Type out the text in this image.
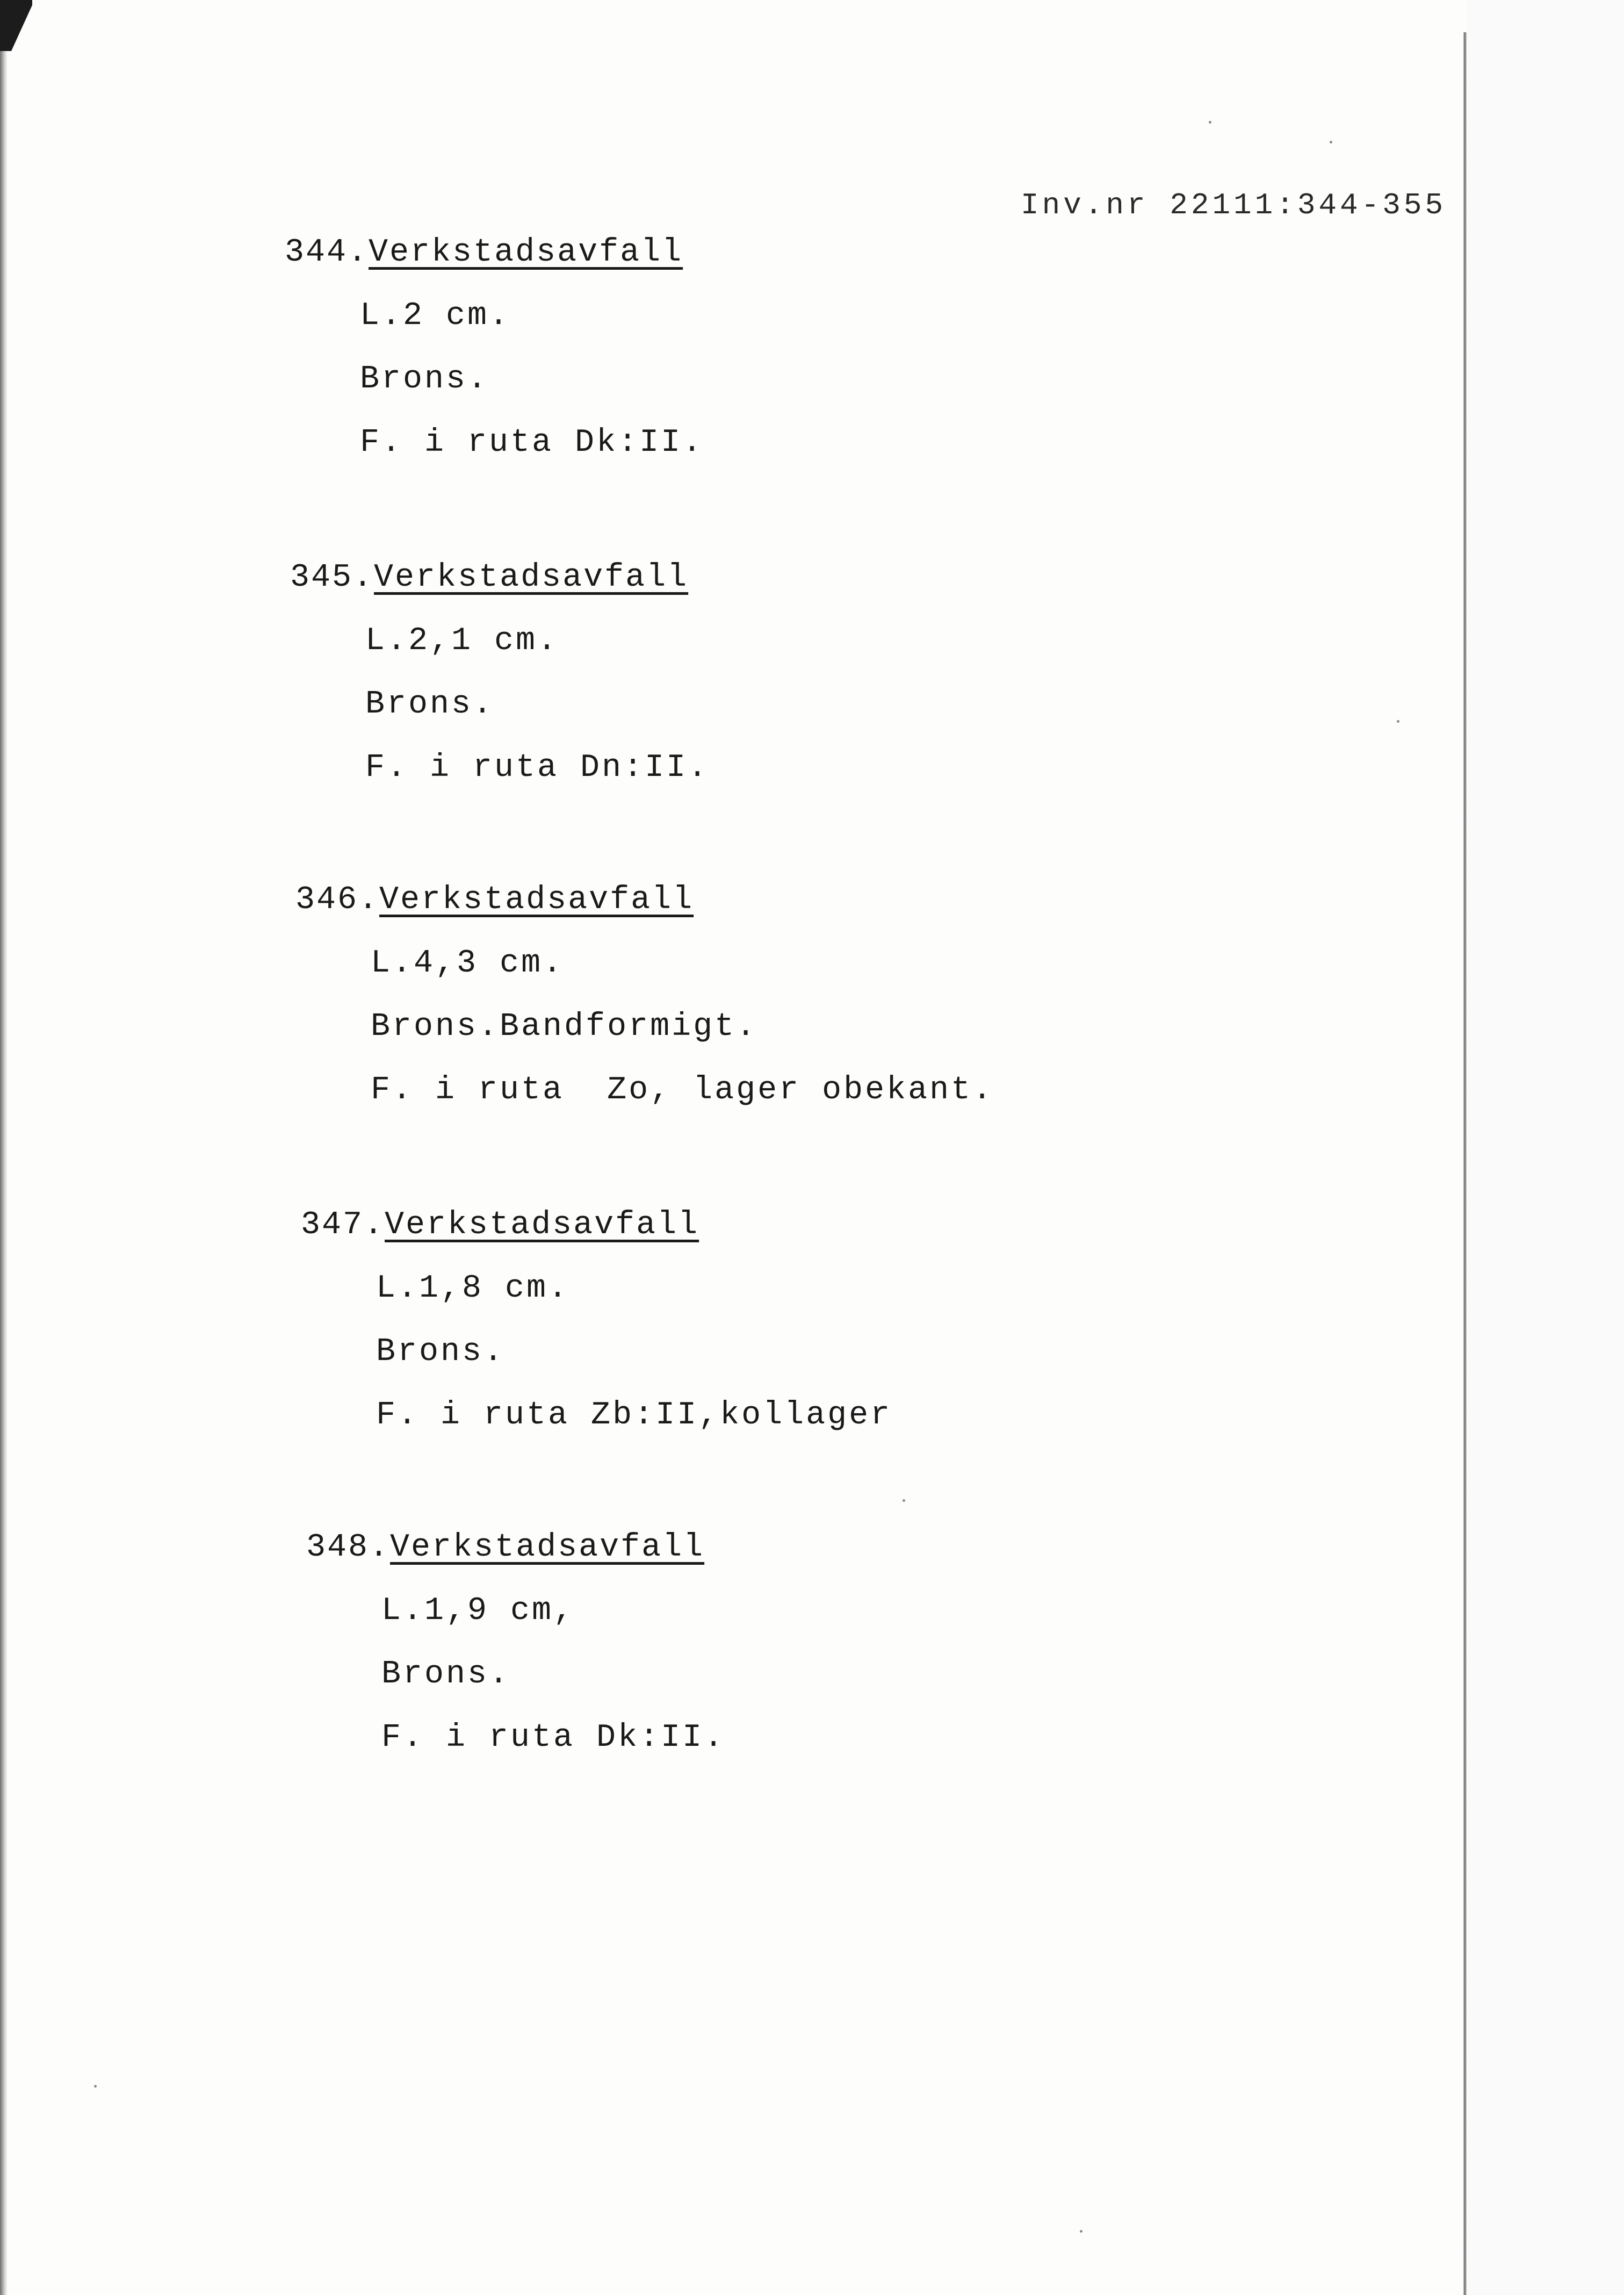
Inv.nr 22111:344-355
344.Verkstadsavfall
L.2 cm.
Brons.
F. i ruta Dk:II.
345.Verkstadsavfall
L.2,1 cm.
Brons.
F. i ruta Dn:II.
346.Verkstadsavfall
L.4,3 cm.
Brons.Bandformigt.
F. i ruta  Zo, lager obekant.
347.Verkstadsavfall
L.1,8 cm.
Brons.
F. i ruta Zb:II,kollager
348.Verkstadsavfall
L.1,9 cm,
Brons.
F. i ruta Dk:II.
